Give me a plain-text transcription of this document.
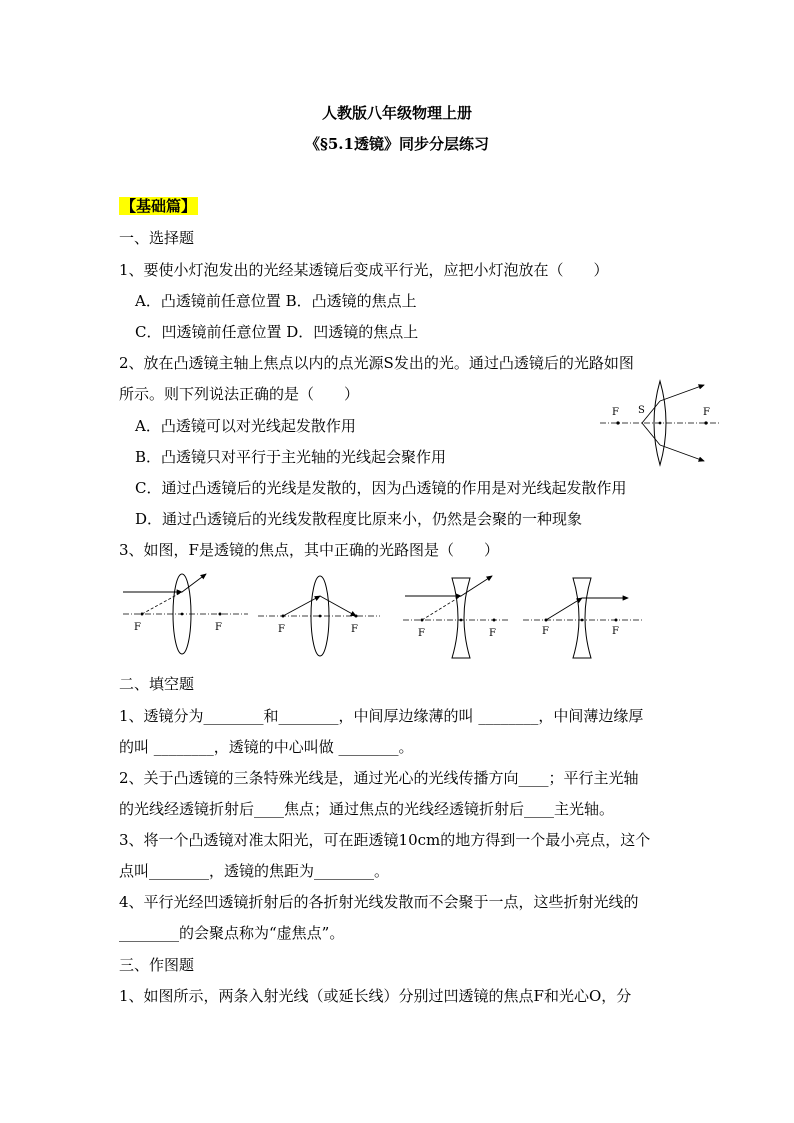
人教版八年级物理上册
《§5.1透镜》同步分层练习
【基础篇】
一、选择题
1、要使小灯泡发出的光经某透镜后变成平行光，应把小灯泡放在（　　）
A．凸透镜前任意位置 B．凸透镜的焦点上
C．凹透镜前任意位置 D．凹透镜的焦点上
2、放在凸透镜主轴上焦点以内的点光源S发出的光。通过凸透镜后的光路如图
所示。则下列说法正确的是（　　）
A．凸透镜可以对光线起发散作用
B．凸透镜只对平行于主光轴的光线起会聚作用
C．通过凸透镜后的光线是发散的，因为凸透镜的作用是对光线起发散作用
D．通过凸透镜后的光线发散程度比原来小，仍然是会聚的一种现象
F S	F
3、如图，F是透镜的焦点，其中正确的光路图是（　　）
F	F	F	F	F	F	F	F
二、填空题
1、透镜分为________和________，中间厚边缘薄的叫 ________，中间薄边缘厚
的叫 ________，透镜的中心叫做 ________。
2、关于凸透镜的三条特殊光线是，通过光心的光线传播方向____；平行主光轴
的光线经透镜折射后____焦点；通过焦点的光线经透镜折射后____主光轴。
3、将一个凸透镜对准太阳光，可在距透镜10cm的地方得到一个最小亮点，这个
点叫________，透镜的焦距为________。
4、平行光经凹透镜折射后的各折射光线发散而不会聚于一点，这些折射光线的
________的会聚点称为“虚焦点”。
三、作图题
1、如图所示，两条入射光线（或延长线）分别过凹透镜的焦点F和光心O，分
